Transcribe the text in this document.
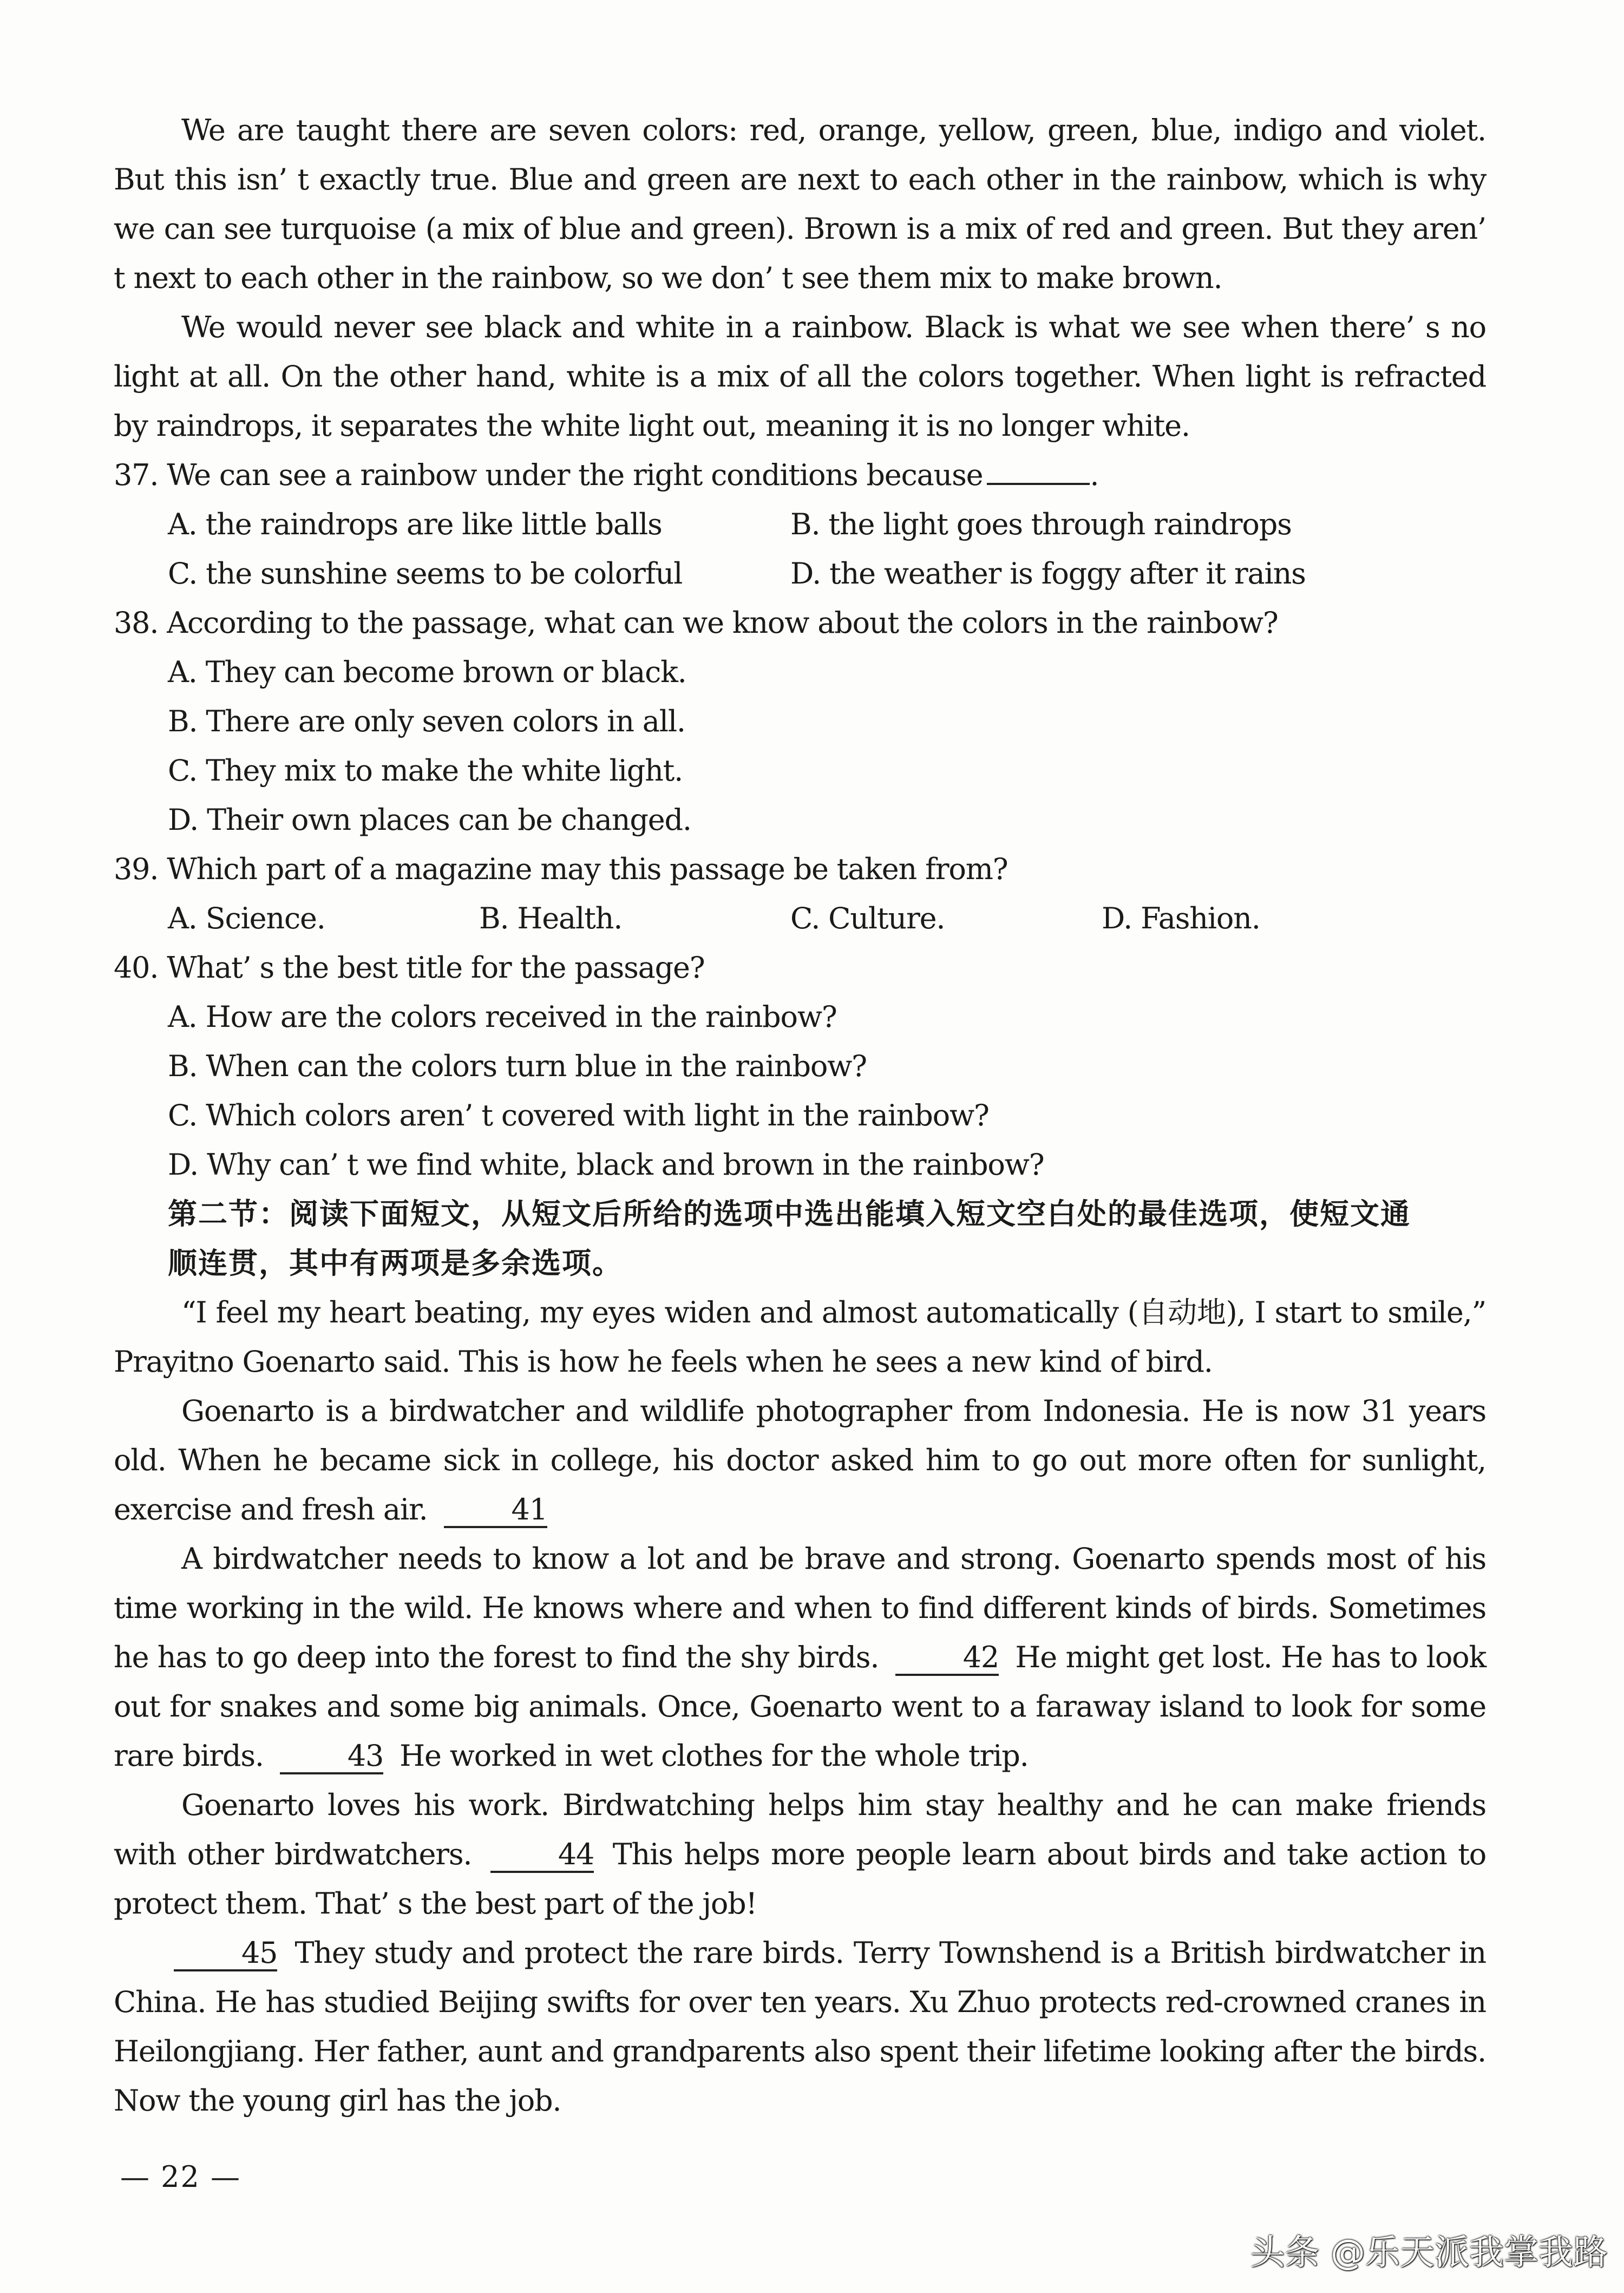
We are taught there are seven colors: red, orange, yellow, green, blue, indigo and violet. But this isn’ t exactly true. Blue and green are next to each other in the rainbow, which is why we can see turquoise (a mix of blue and green). Brown is a mix of red and green. But they aren’ t next to each other in the rainbow, so we don’ t see them mix to make brown.

We would never see black and white in a rainbow. Black is what we see when there’ s no light at all. On the other hand, white is a mix of all the colors together. When light is refracted by raindrops, it separates the white light out, meaning it is no longer white.

37. We can see a rainbow under the right conditions because	.

A. the raindrops are like little balls	B. the light goes through raindrops
C. the sunshine seems to be colorful	D. the weather is foggy after it rains

38. According to the passage, what can we know about the colors in the rainbow?

A. They can become brown or black.

B. There are only seven colors in all.

C. They mix to make the white light.

D. Their own places can be changed.

39. Which part of a magazine may this passage be taken from?

A. Science.	B. Health.	C. Culture.	D. Fashion.

40. What’ s the best title for the passage?

A. How are the colors received in the rainbow?

B. When can the colors turn blue in the rainbow?

C. Which colors aren’ t covered with light in the rainbow?

D. Why can’ t we find white, black and brown in the rainbow?

第二节：阅读下面短文，从短文后所给的选项中选出能填入短文空白处的最佳选项，使短文通

顺连贯，其中有两项是多余选项。

“I feel my heart beating, my eyes widen and almost automatically (自动地), I start to smile,” Prayitno Goenarto said. This is how he feels when he sees a new kind of bird.

Goenarto is a birdwatcher and wildlife photographer from Indonesia. He is now 31 years old. When he became sick in college, his doctor asked him to go out more often for sunlight, exercise and fresh air.	41

A birdwatcher needs to know a lot and be brave and strong. Goenarto spends most of his time working in the wild. He knows where and when to find different kinds of birds. Sometimes he has to go deep into the forest to find the shy birds.	42 He might get lost. He has to look out for snakes and some big animals. Once, Goenarto went to a faraway island to look for some rare birds.	43 He worked in wet clothes for the whole trip.

Goenarto loves his work. Birdwatching helps him stay healthy and he can make friends with other birdwatchers.	44 This helps more people learn about birds and take action to protect them. That’ s the best part of the job!

45 They study and protect the rare birds. Terry Townshend is a British birdwatcher in China. He has studied Beijing swifts for over ten years. Xu Zhuo protects red-crowned cranes in Heilongjiang. Her father, aunt and grandparents also spent their lifetime looking after the birds. Now the young girl has the job.

— 22 —
头条 @乐天派我掌我路
